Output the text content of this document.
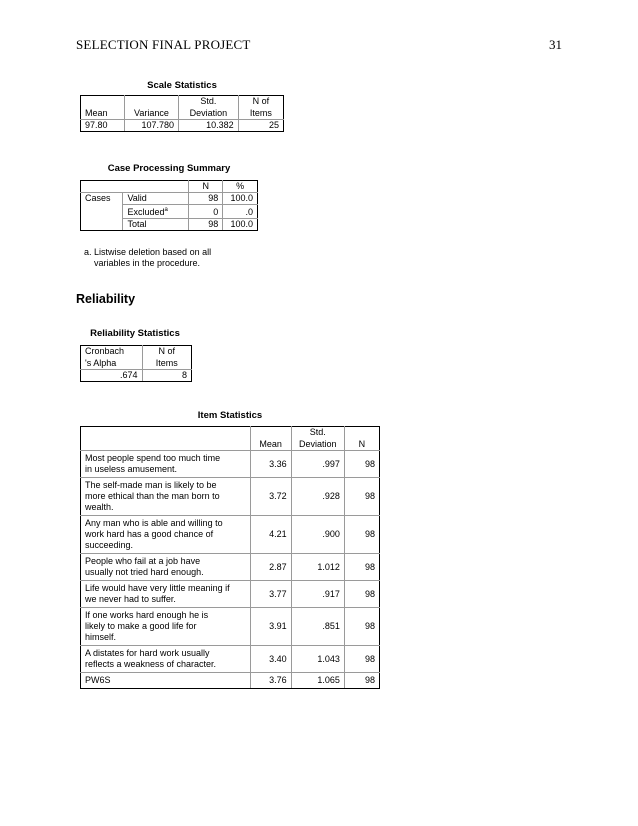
SELECTION FINAL PROJECT	31
Scale Statistics
		Std.	N of
Mean	Variance	Deviation	Items
97.80	107.780	10.382	25
Case Processing Summary
		N	%
Cases	Valid	98	100.0
	Excluded$^a$	0	.0
	Total	98	100.0
a. Listwise deletion based on all
variables in the procedure.
Reliability
Reliability Statistics
Cronbach	N of
's Alpha	Items
.674	8
Item Statistics
	Mean	Std.	N
		Deviation	

Most people spend too much time
in useless amusement.	3.36	.997	98

The self-made man is likely to be
more ethical than the man born to
wealth.	3.72	.928	98

Any man who is able and willing to
work hard has a good chance of
succeeding.	4.21	.900	98

People who fail at a job have
usually not tried hard enough.	2.87	1.012	98

Life would have very little meaning if
we never had to suffer.	3.77	.917	98

If one works hard enough he is
likely to make a good life for
himself.	3.91	.851	98

A distates for hard work usually
reflects a weakness of character.	3.40	1.043	98

PW6S	3.76	1.065	98
